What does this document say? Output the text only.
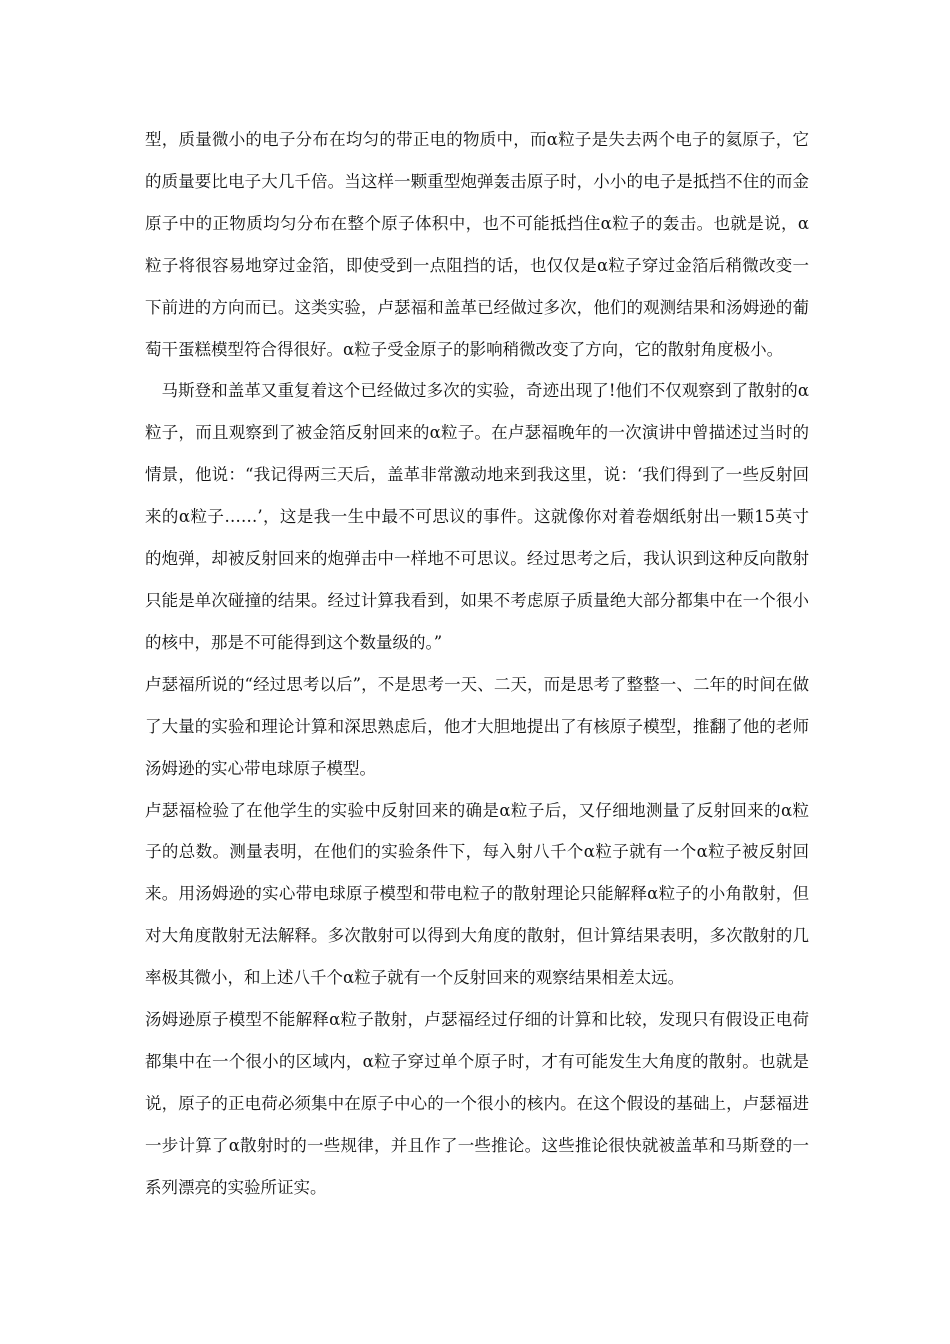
型，质量微小的电子分布在均匀的带正电的物质中，而α粒子是失去两个电子的氦原子，它的质量要比电子大几千倍。当这样一颗重型炮弹轰击原子时，小小的电子是抵挡不住的而金原子中的正物质均匀分布在整个原子体积中，也不可能抵挡住α粒子的轰击。也就是说，α粒子将很容易地穿过金箔，即使受到一点阻挡的话，也仅仅是α粒子穿过金箔后稍微改变一下前进的方向而已。这类实验，卢瑟福和盖革已经做过多次，他们的观测结果和汤姆逊的葡萄干蛋糕模型符合得很好。α粒子受金原子的影响稍微改变了方向，它的散射角度极小。

马斯登和盖革又重复着这个已经做过多次的实验，奇迹出现了!他们不仅观察到了散射的α粒子，而且观察到了被金箔反射回来的α粒子。在卢瑟福晚年的一次演讲中曾描述过当时的情景，他说：“我记得两三天后，盖革非常激动地来到我这里，说：‘我们得到了一些反射回来的α粒子……’，这是我一生中最不可思议的事件。这就像你对着卷烟纸射出一颗15英寸的炮弹，却被反射回来的炮弹击中一样地不可思议。经过思考之后，我认识到这种反向散射只能是单次碰撞的结果。经过计算我看到，如果不考虑原子质量绝大部分都集中在一个很小的核中，那是不可能得到这个数量级的。”

卢瑟福所说的“经过思考以后”，不是思考一天、二天，而是思考了整整一、二年的时间在做了大量的实验和理论计算和深思熟虑后，他才大胆地提出了有核原子模型，推翻了他的老师汤姆逊的实心带电球原子模型。

卢瑟福检验了在他学生的实验中反射回来的确是α粒子后，又仔细地测量了反射回来的α粒子的总数。测量表明，在他们的实验条件下，每入射八千个α粒子就有一个α粒子被反射回来。用汤姆逊的实心带电球原子模型和带电粒子的散射理论只能解释α粒子的小角散射，但对大角度散射无法解释。多次散射可以得到大角度的散射，但计算结果表明，多次散射的几率极其微小，和上述八千个α粒子就有一个反射回来的观察结果相差太远。

汤姆逊原子模型不能解释α粒子散射，卢瑟福经过仔细的计算和比较，发现只有假设正电荷都集中在一个很小的区域内，α粒子穿过单个原子时，才有可能发生大角度的散射。也就是说，原子的正电荷必须集中在原子中心的一个很小的核内。在这个假设的基础上，卢瑟福进一步计算了α散射时的一些规律，并且作了一些推论。这些推论很快就被盖革和马斯登的一系列漂亮的实验所证实。
